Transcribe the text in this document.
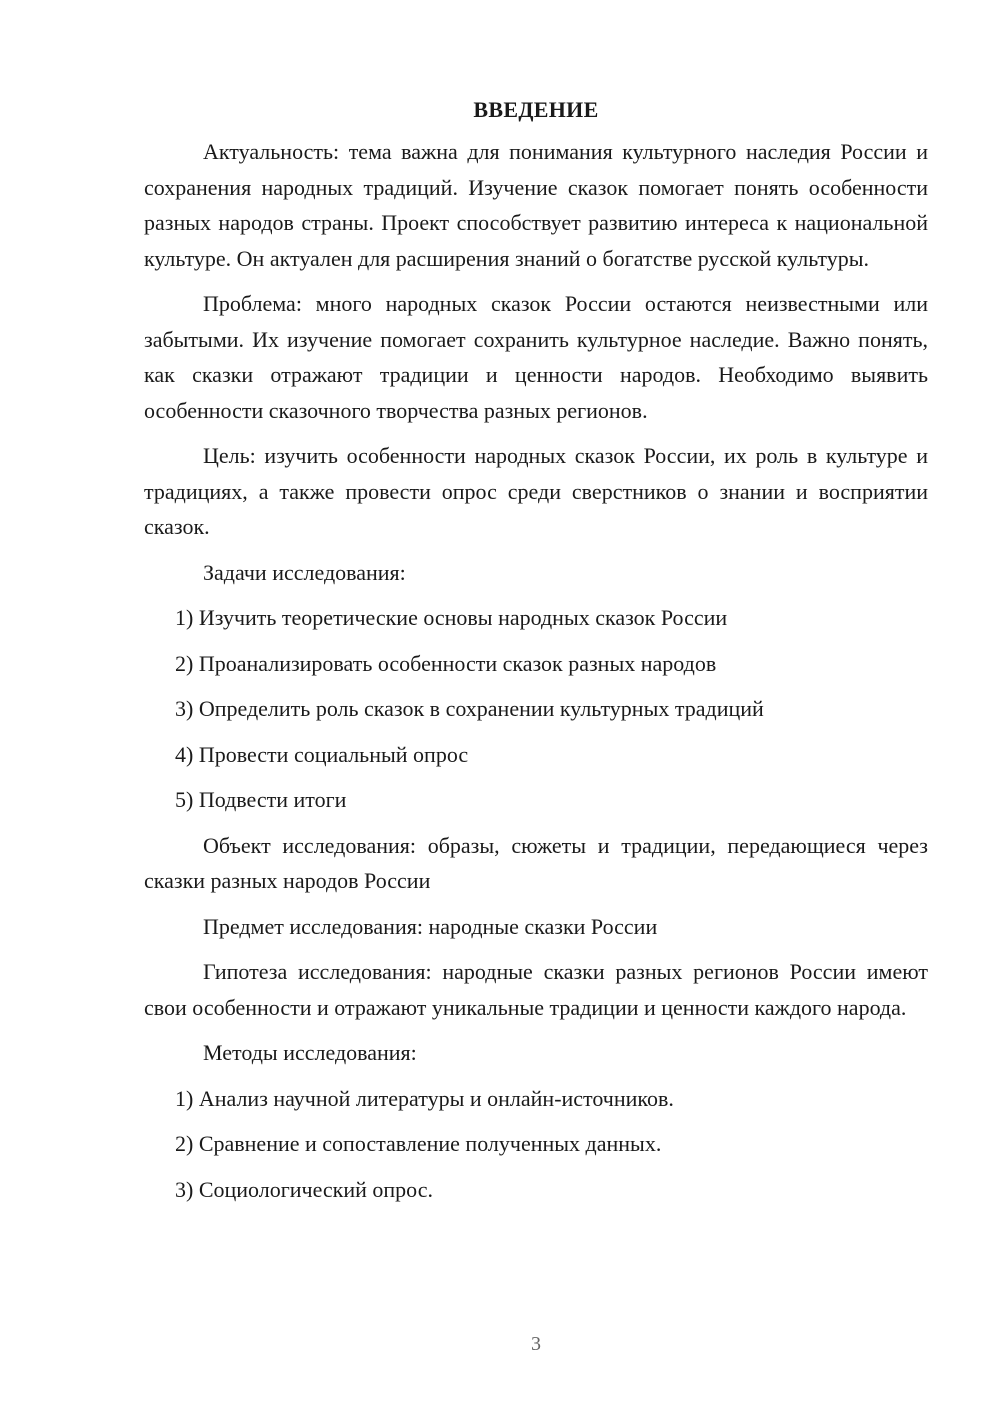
ВВЕДЕНИЕ

Актуальность: тема важна для понимания культурного наследия России и сохранения народных традиций. Изучение сказок помогает понять особенности разных народов страны. Проект способствует развитию интереса к национальной культуре. Он актуален для расширения знаний о богатстве русской культуры.

Проблема: много народных сказок России остаются неизвестными или забытыми. Их изучение помогает сохранить культурное наследие. Важно понять, как сказки отражают традиции и ценности народов. Необходимо выявить особенности сказочного творчества разных регионов.

Цель: изучить особенности народных сказок России, их роль в культуре и традициях, а также провести опрос среди сверстников о знании и восприятии сказок.

Задачи исследования:

1) Изучить теоретические основы народных сказок России
2) Проанализировать особенности сказок разных народов
3) Определить роль сказок в сохранении культурных традиций
4) Провести социальный опрос
5) Подвести итоги

Объект исследования: образы, сюжеты и традиции, передающиеся через сказки разных народов России

Предмет исследования: народные сказки России

Гипотеза исследования: народные сказки разных регионов России имеют свои особенности и отражают уникальные традиции и ценности каждого народа.

Методы исследования:

1) Анализ научной литературы и онлайн-источников.
2) Сравнение и сопоставление полученных данных.
3) Социологический опрос.
3
